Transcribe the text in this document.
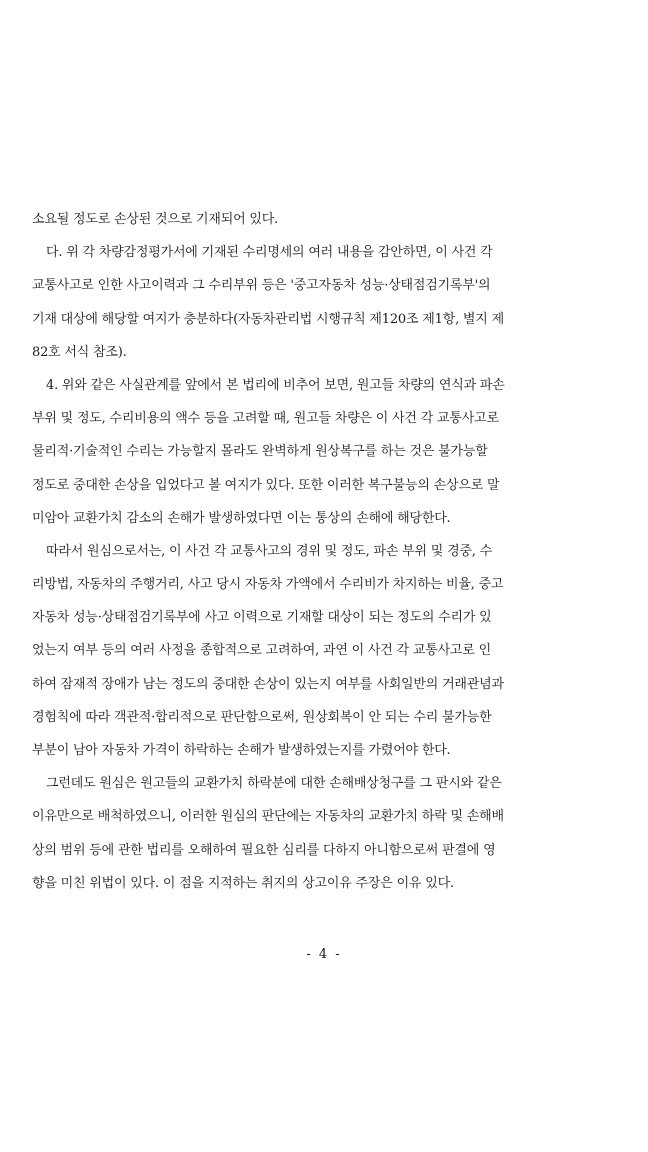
소요될 정도로 손상된 것으로 기재되어 있다.
다. 위 각 차량감정평가서에 기재된 수리명세의 여러 내용을 감안하면, 이 사건 각
교통사고로 인한 사고이력과 그 수리부위 등은 '중고자동차 성능·상태점검기록부'의
기재 대상에 해당할 여지가 충분하다(자동차관리법 시행규칙 제120조 제1항, 별지 제
82호 서식 참조).
4. 위와 같은 사실관계를 앞에서 본 법리에 비추어 보면, 원고들 차량의 연식과 파손
부위 및 정도, 수리비용의 액수 등을 고려할 때, 원고들 차량은 이 사건 각 교통사고로
물리적·기술적인 수리는 가능할지 몰라도 완벽하게 원상복구를 하는 것은 불가능할
정도로 중대한 손상을 입었다고 볼 여지가 있다. 또한 이러한 복구불능의 손상으로 말
미암아 교환가치 감소의 손해가 발생하였다면 이는 통상의 손해에 해당한다.
따라서 원심으로서는, 이 사건 각 교통사고의 경위 및 정도, 파손 부위 및 경중, 수
리방법, 자동차의 주행거리, 사고 당시 자동차 가액에서 수리비가 차지하는 비율, 중고
자동차 성능·상태점검기록부에 사고 이력으로 기재할 대상이 되는 정도의 수리가 있
었는지 여부 등의 여러 사정을 종합적으로 고려하여, 과연 이 사건 각 교통사고로 인
하여 잠재적 장애가 남는 정도의 중대한 손상이 있는지 여부를 사회일반의 거래관념과
경험칙에 따라 객관적·합리적으로 판단함으로써, 원상회복이 안 되는 수리 불가능한
부분이 남아 자동차 가격이 하락하는 손해가 발생하였는지를 가렸어야 한다.
그런데도 원심은 원고들의 교환가치 하락분에 대한 손해배상청구를 그 판시와 같은
이유만으로 배척하였으니, 이러한 원심의 판단에는 자동차의 교환가치 하락 및 손해배
상의 범위 등에 관한 법리를 오해하여 필요한 심리를 다하지 아니함으로써 판결에 영
향을 미친 위법이 있다. 이 점을 지적하는 취지의 상고이유 주장은 이유 있다.
- 4 -
